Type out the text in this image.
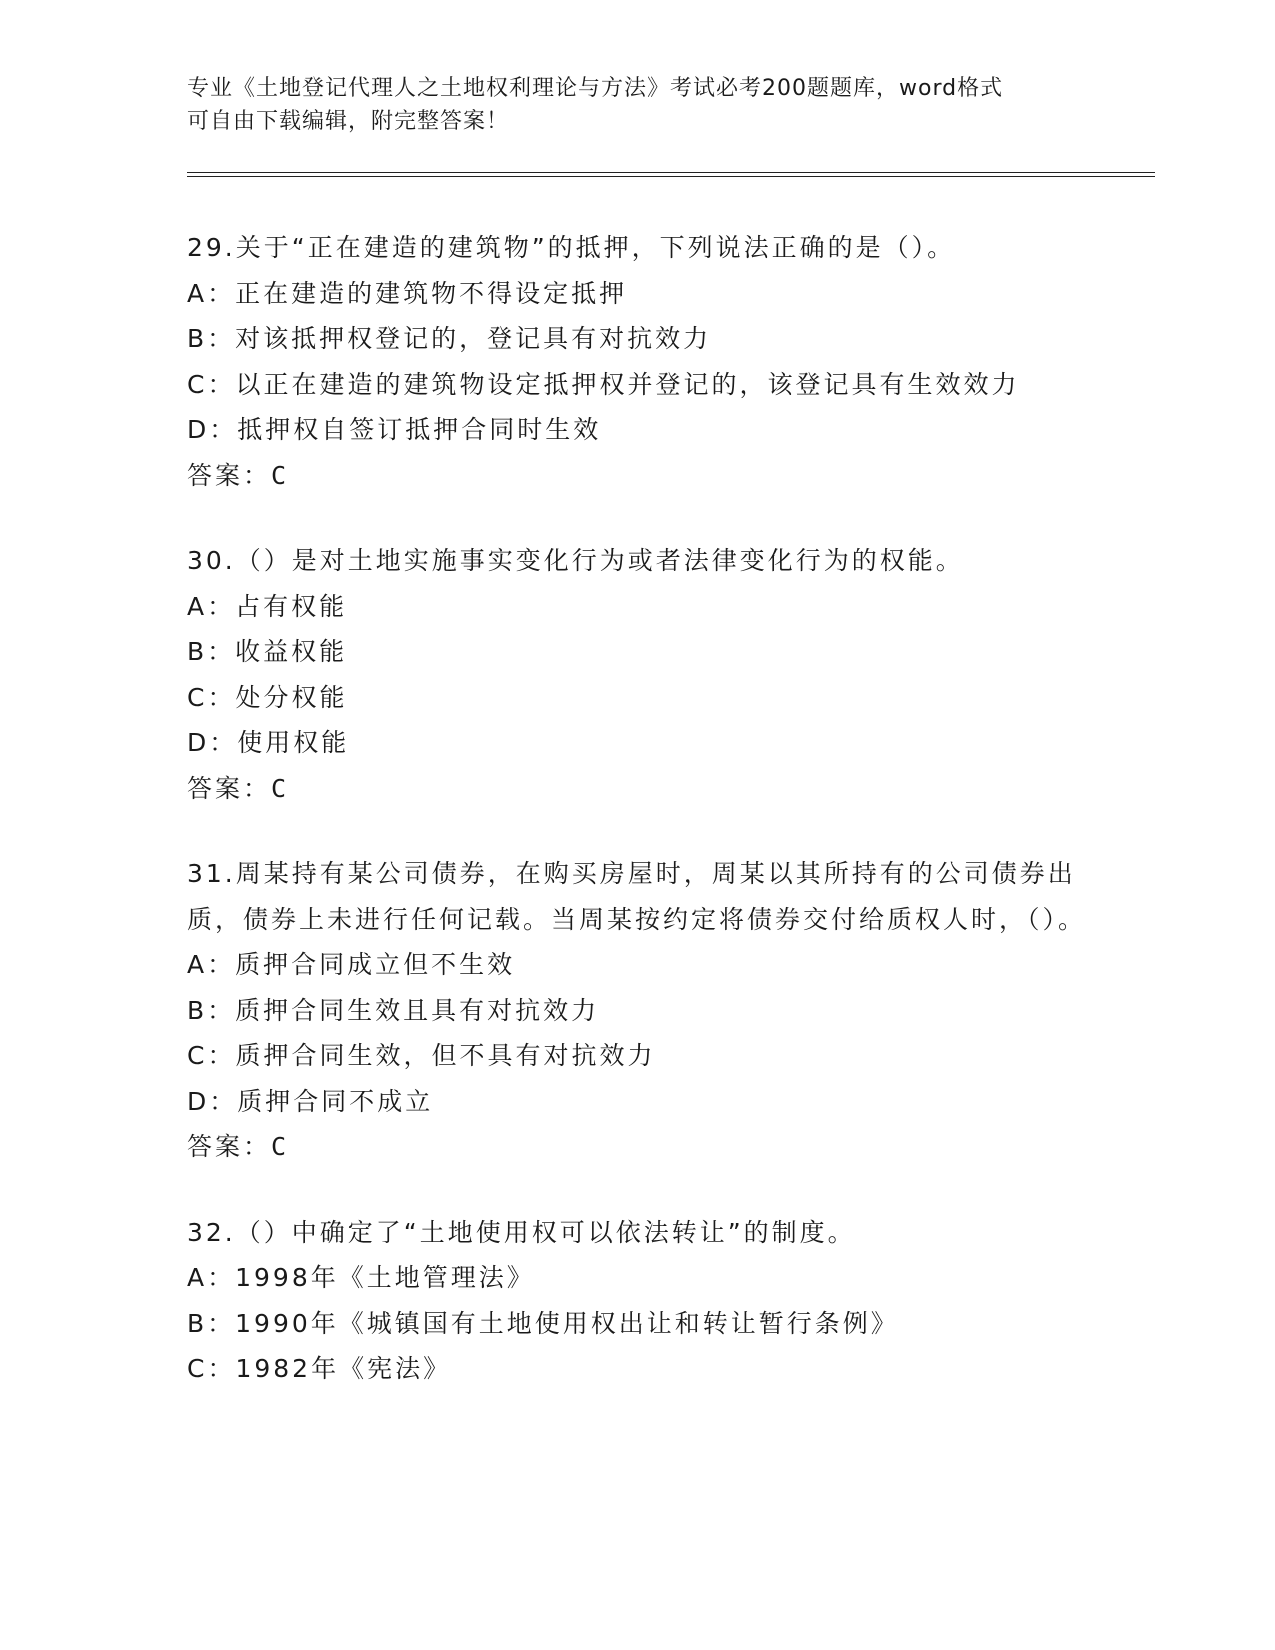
专业《土地登记代理人之土地权利理论与方法》考试必考200题题库，word格式
可自由下载编辑，附完整答案！
29.关于“正在建造的建筑物”的抵押，下列说法正确的是（）。
A：正在建造的建筑物不得设定抵押
B：对该抵押权登记的，登记具有对抗效力
C：以正在建造的建筑物设定抵押权并登记的，该登记具有生效效力
D：抵押权自签订抵押合同时生效
答案：C
30.（）是对土地实施事实变化行为或者法律变化行为的权能。
A：占有权能
B：收益权能
C：处分权能
D：使用权能
答案：C
31.周某持有某公司债券，在购买房屋时，周某以其所持有的公司债券出质，债券上未进行任何记载。当周某按约定将债券交付给质权人时，（）。
A：质押合同成立但不生效
B：质押合同生效且具有对抗效力
C：质押合同生效，但不具有对抗效力
D：质押合同不成立
答案：C
32.（）中确定了“土地使用权可以依法转让”的制度。
A：1998年《土地管理法》
B：1990年《城镇国有土地使用权出让和转让暂行条例》
C：1982年《宪法》
